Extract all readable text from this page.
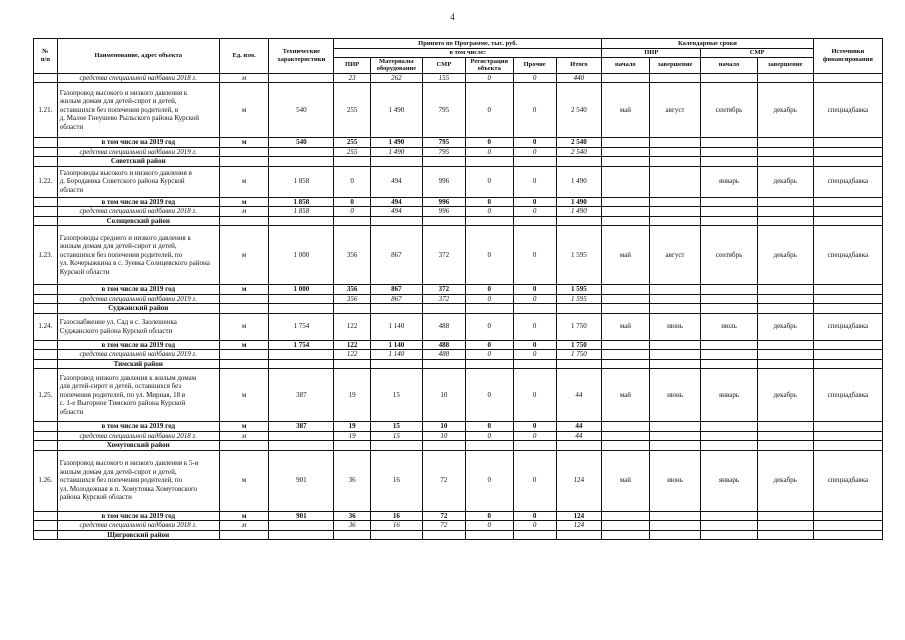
4
№
п/п	Наименование, адрес объекта	Ед. изм.	Технические характеристики	Принято по Программе, тыс. руб.						Календарные сроки				Источники финансирования
				в том числе:						ПИР		СМР		
				ПИР	Материалы оборудование	СМР	Регистрация объекта	Прочие	Итого	начало	завершение	начало	завершение	
	средства специальной надбавки 2018 г.	м		23	262	155	0	0	440					
1.21.	Газопровод высокого и низкого давления к
жилым домам для детей-сирот и детей,
оставшихся без попечения родителей, в
д. Малое Гнеушево Рыльского района Курской
области	м	540	255	1 490	795	0	0	2 540	май	август	сентябрь	декабрь	спецнадбавка
	в том числе на 2019 год	м	540	255	1 490	795	0	0	2 540					
	средства специальной надбавки 2019 г.			255	1 490	795	0	0	2 540					
	Советский район													
1.22.	Газопроводы высокого и низкого давления в
д. Бородаевка Советского района Курской
области	м	1 858	0	494	996	0	0	1 490			январь	декабрь	спецнадбавка
	в том числе на 2019 год	м	1 858	0	494	996	0	0	1 490					
	средства специальной надбавки 2018 г.	м	1 858	0	494	996	0	0	1 490					
	Солнцевский район													
1.23.	Газопроводы среднего и низкого давления к
жилым домам для детей-сирот и детей,
оставшихся без попечения родителей, по
ул. Кочерыжкина в с. Зуевка Солнцевского района
Курской области	м	1 000	356	867	372	0	0	1 595	май	август	сентябрь	декабрь	спецнадбавка
	в том числе на 2019 год	м	1 000	356	867	372	0	0	1 595					
	средства специальной надбавки 2019 г.			356	867	372	0	0	1 595					
	Суджанский район													
1.24.	Газоснабжение ул. Сад в с. Заолешенка
Суджанского района Курской области	м	1 754	122	1 140	488	0	0	1 750	май	июнь	июль	декабрь	спецнадбавка
	в том числе на 2019 год	м	1 754	122	1 140	488	0	0	1 750					
	средства специальной надбавки 2019 г.			122	1 140	488	0	0	1 750					
	Тимский район													
1.25.	Газопровод низкого давления к жилым домам
для детей-сирот и детей, оставшихся без
попечения родителей, по ул. Мирная, 18 в
с. 1-е Выгорное Тимского района Курской
области	м	387	19	15	10	0	0	44	май	июнь	январь	декабрь	спецнадбавка
	в том числе на 2019 год	м	387	19	15	10	0	0	44					
	средства специальной надбавки 2018 г.	м		19	15	10	0	0	44					
	Хомутовский район													
1.26.	Газопровод высокого и низкого давления к 5-и
жилым домам для детей-сирот и детей,
оставшихся без попечения родителей, по
ул. Молодежная в п. Хомутовка Хомутовского
района Курской области	м	901	36	16	72	0	0	124	май	июнь	январь	декабрь	спецнадбавка
	в том числе на 2019 год	м	901	36	16	72	0	0	124					
	средства специальной надбавки 2018 г.	м		36	16	72	0	0	124					
	Щигровский район													
